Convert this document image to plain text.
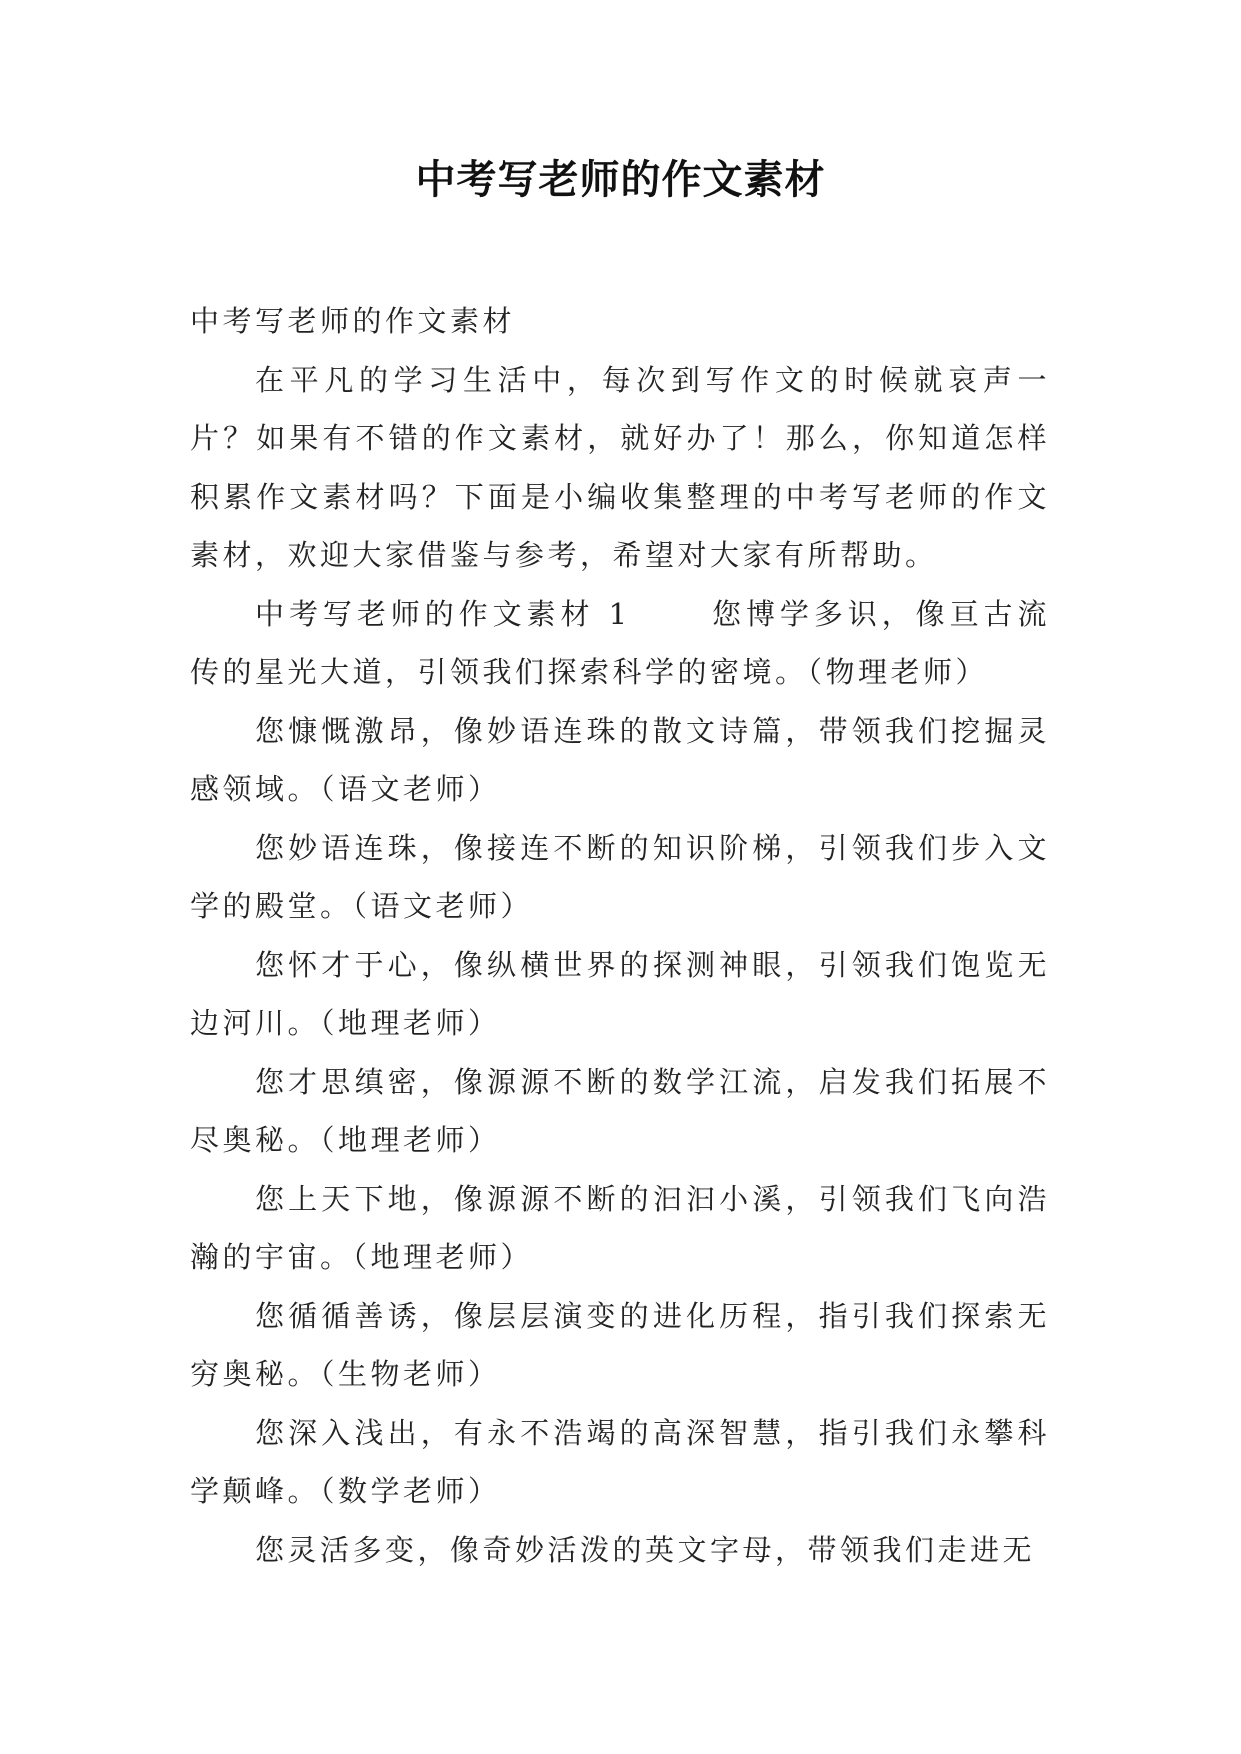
中考写老师的作文素材

中考写老师的作文素材

在平凡的学习生活中，每次到写作文的时候就哀声一片？如果有不错的作文素材，就好办了！那么，你知道怎样积累作文素材吗？下面是小编收集整理的中考写老师的作文素材，欢迎大家借鉴与参考，希望对大家有所帮助。

中考写老师的作文素材 1	您博学多识，像亘古流传的星光大道，引领我们探索科学的密境。（物理老师）

您慷慨激昂，像妙语连珠的散文诗篇，带领我们挖掘灵感领域。（语文老师）

您妙语连珠，像接连不断的知识阶梯，引领我们步入文学的殿堂。（语文老师）

您怀才于心，像纵横世界的探测神眼，引领我们饱览无边河川。（地理老师）

您才思缜密，像源源不断的数学江流，启发我们拓展不尽奥秘。（地理老师）

您上天下地，像源源不断的汩汩小溪，引领我们飞向浩瀚的宇宙。（地理老师）

您循循善诱，像层层演变的进化历程，指引我们探索无穷奥秘。（生物老师）

您深入浅出，有永不浩竭的高深智慧，指引我们永攀科学颠峰。（数学老师）

您灵活多变，像奇妙活泼的英文字母，带领我们走进无
